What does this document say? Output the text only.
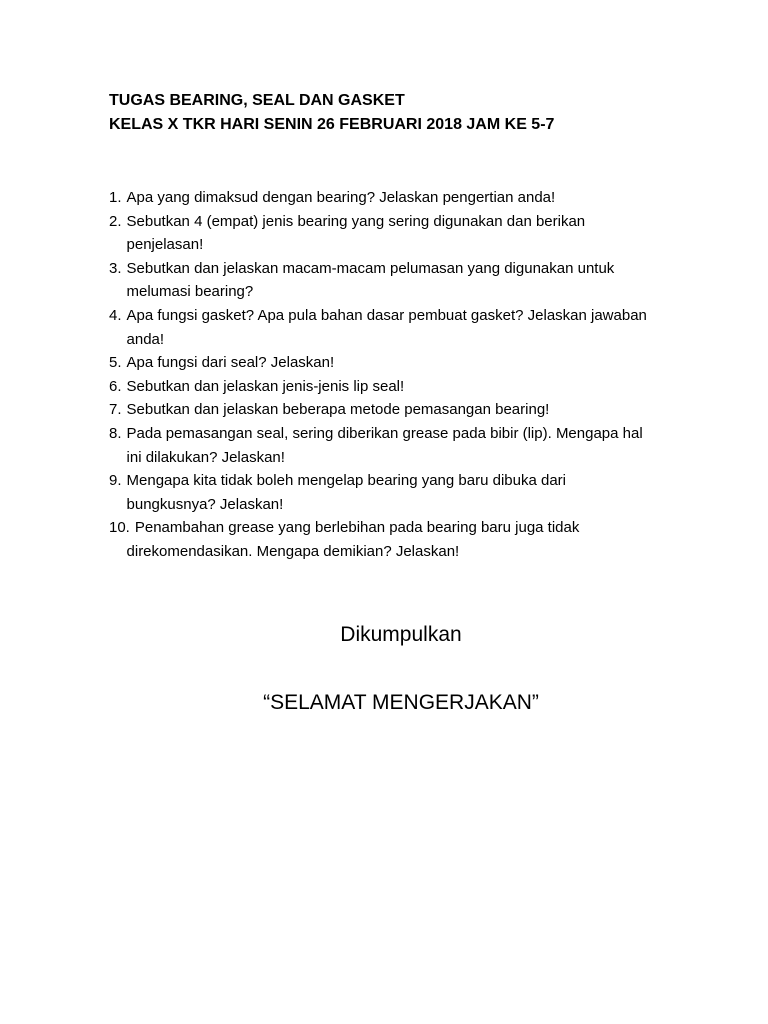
TUGAS BEARING, SEAL DAN GASKET
KELAS X TKR HARI SENIN 26 FEBRUARI 2018 JAM KE 5-7
1. Apa yang dimaksud dengan bearing? Jelaskan pengertian anda!
2. Sebutkan 4 (empat) jenis bearing yang sering digunakan dan berikan
penjelasan!
3. Sebutkan dan jelaskan macam-macam pelumasan yang digunakan untuk
melumasi bearing?
4. Apa fungsi gasket? Apa pula bahan dasar pembuat gasket? Jelaskan jawaban
anda!
5. Apa fungsi dari seal? Jelaskan!
6. Sebutkan dan jelaskan jenis-jenis lip seal!
7. Sebutkan dan jelaskan beberapa metode pemasangan bearing!
8. Pada pemasangan seal, sering diberikan grease pada bibir (lip). Mengapa hal
ini dilakukan? Jelaskan!
9. Mengapa kita tidak boleh mengelap bearing yang baru dibuka dari
bungkusnya? Jelaskan!
10. Penambahan grease yang berlebihan pada bearing baru juga tidak
direkomendasikan. Mengapa demikian? Jelaskan!
Dikumpulkan
“SELAMAT MENGERJAKAN”
